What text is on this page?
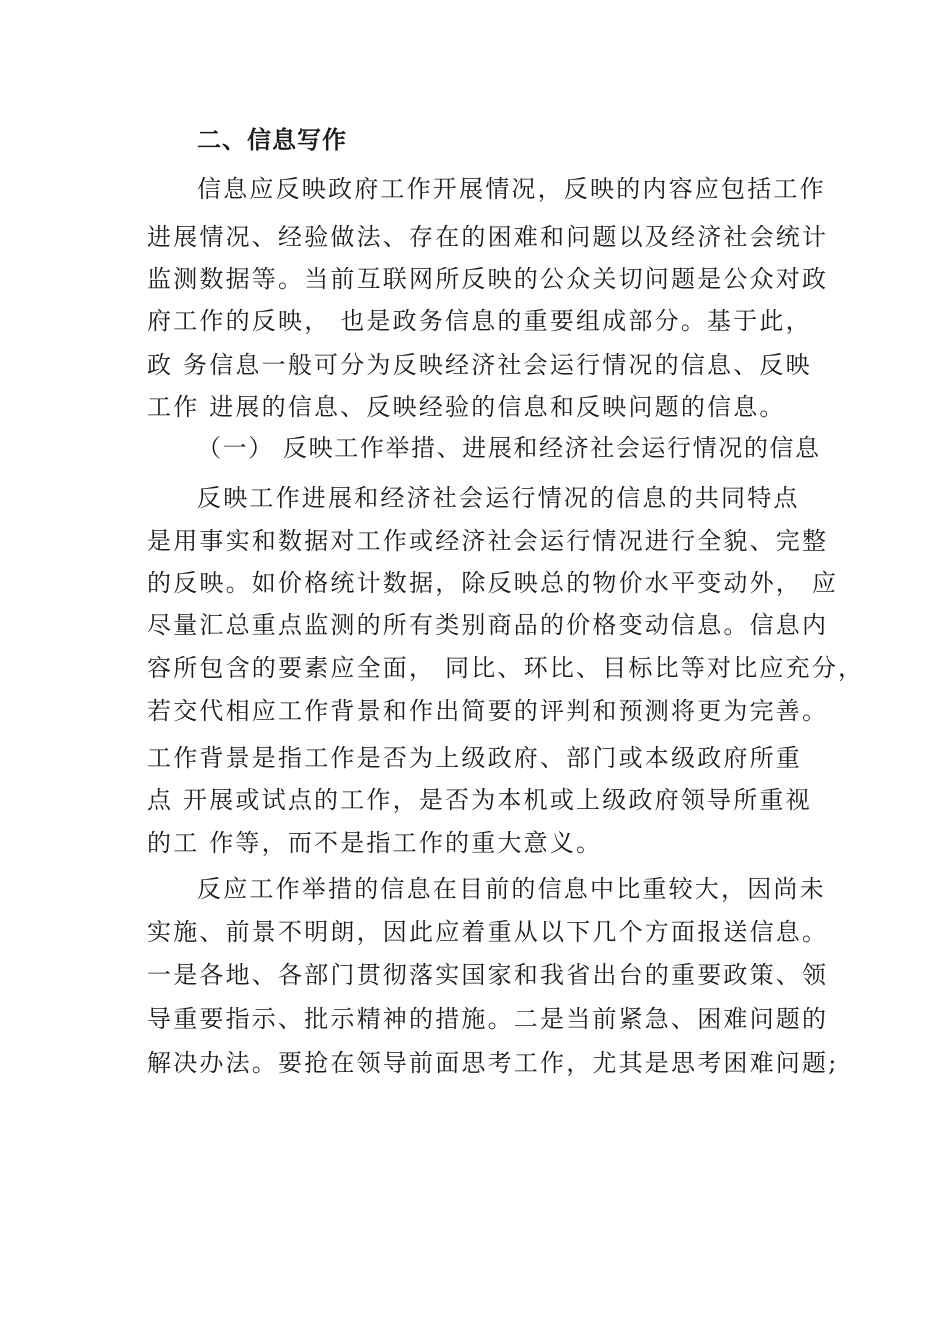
二、信息写作
信息应反映政府工作开展情况，反映的内容应包括工作
进展情况、经验做法、存在的困难和问题以及经济社会统计
监测数据等。当前互联网所反映的公众关切问题是公众对政
府工作的反映， 也是政务信息的重要组成部分。基于此，
政 务信息一般可分为反映经济社会运行情况的信息、反映
工作 进展的信息、反映经验的信息和反映问题的信息。
（一） 反映工作举措、进展和经济社会运行情况的信息
反映工作进展和经济社会运行情况的信息的共同特点
是用事实和数据对工作或经济社会运行情况进行全貌、完整
的反映。如价格统计数据，除反映总的物价水平变动外， 应
尽量汇总重点监测的所有类别商品的价格变动信息。信息内
容所包含的要素应全面， 同比、环比、目标比等对比应充分，
若交代相应工作背景和作出简要的评判和预测将更为完善。
工作背景是指工作是否为上级政府、部门或本级政府所重
点 开展或试点的工作，是否为本机或上级政府领导所重视
的工 作等，而不是指工作的重大意义。
反应工作举措的信息在目前的信息中比重较大，因尚未
实施、前景不明朗，因此应着重从以下几个方面报送信息。
一是各地、各部门贯彻落实国家和我省出台的重要政策、领
导重要指示、批示精神的措施。二是当前紧急、困难问题的
解决办法。要抢在领导前面思考工作，尤其是思考困难问题;
